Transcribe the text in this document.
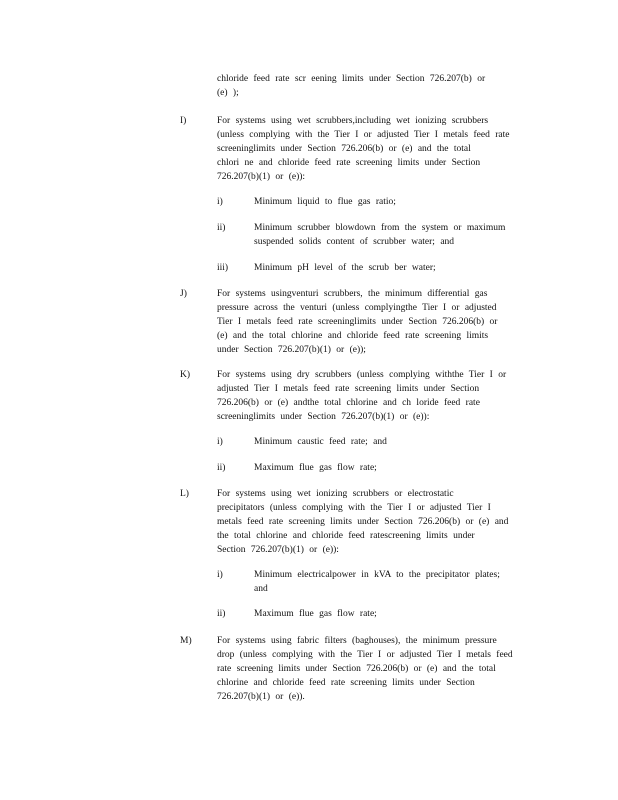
chloride feed rate scr eening limits under Section 726.207(b) or
(e) );
I)	For systems using wet scrubbers,including wet ionizing scrubbers
(unless complying with the Tier I or adjusted Tier I metals feed rate
screeninglimits under Section 726.206(b) or (e) and the total
chlori ne and chloride feed rate screening limits under Section
726.207(b)(1) or (e)):
i)	Minimum liquid to flue gas ratio;
ii)	Minimum scrubber blowdown from the system or maximum
suspended solids content of scrubber water; and
iii)	Minimum pH level of the scrub ber water;
J)	For systems usingventuri scrubbers, the minimum differential gas
pressure across the venturi (unless complyingthe Tier I or adjusted
Tier I metals feed rate screeninglimits under Section 726.206(b) or
(e) and the total chlorine and chloride feed rate screening limits
under Section 726.207(b)(1) or (e));
K)	For systems using dry scrubbers (unless complying withthe Tier I or
adjusted Tier I metals feed rate screening limits under Section
726.206(b) or (e) andthe total chlorine and ch loride feed rate
screeninglimits under Section 726.207(b)(1) or (e)):
i)	Minimum caustic feed rate; and
ii)	Maximum flue gas flow rate;
L)	For systems using wet ionizing scrubbers or electrostatic
precipitators (unless complying with the Tier I or adjusted Tier I
metals feed rate screening limits under Section 726.206(b) or (e) and
the total chlorine and chloride feed ratescreening limits under
Section 726.207(b)(1) or (e)):
i)	Minimum electricalpower in kVA to the precipitator plates;
and
ii)	Maximum flue gas flow rate;
M)	For systems using fabric filters (baghouses), the minimum pressure
drop (unless complying with the Tier I or adjusted Tier I metals feed
rate screening limits under Section 726.206(b) or (e) and the total
chlorine and chloride feed rate screening limits under Section
726.207(b)(1) or (e)).
